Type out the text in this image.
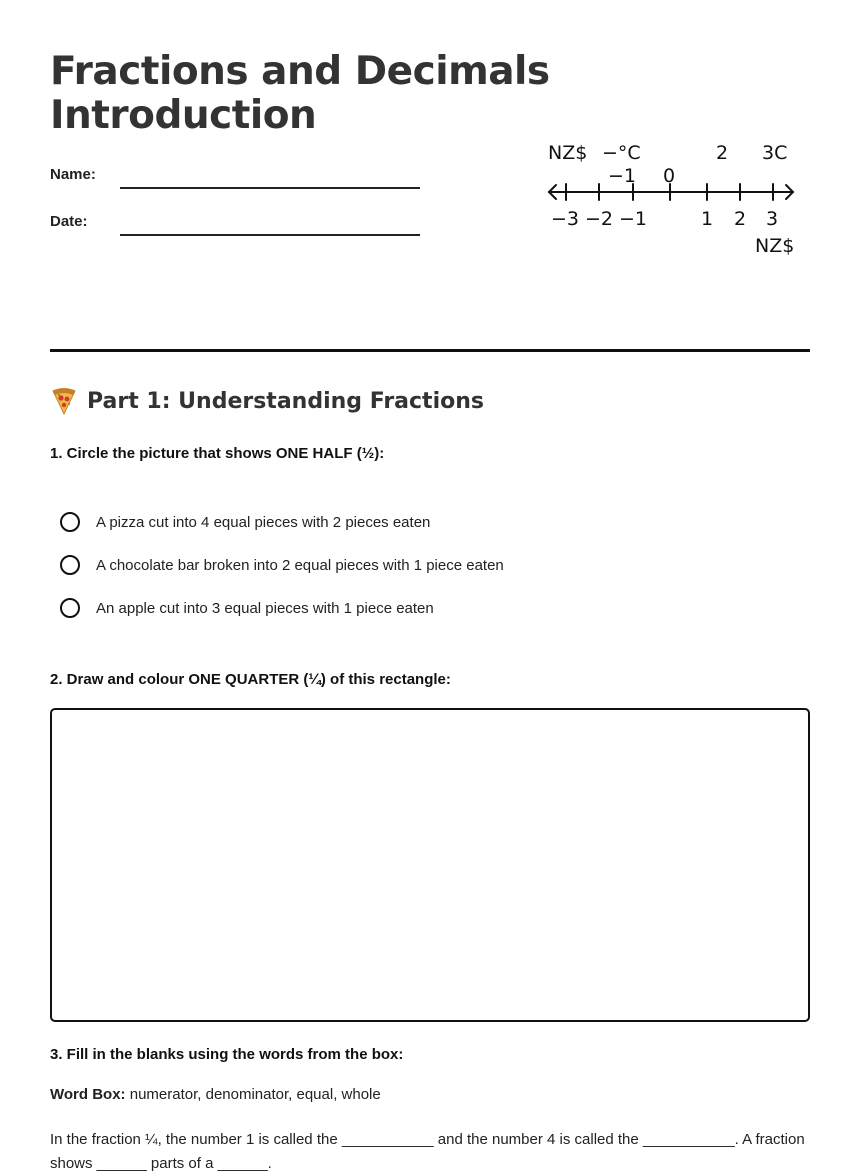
Fractions and Decimals
Introduction
Name:
Date:
NZ$ −°C
−1 0
2 3C
−3 −2 −1	1 2 3
NZ$
Part 1: Understanding Fractions

1. Circle the picture that shows ONE HALF (½):

A pizza cut into 4 equal pieces with 2 pieces eaten
A chocolate bar broken into 2 equal pieces with 1 piece eaten
An apple cut into 3 equal pieces with 1 piece eaten

2. Draw and colour ONE QUARTER (¼) of this rectangle:

3. Fill in the blanks using the words from the box:

Word Box: numerator, denominator, equal, whole

In the fraction ¼, the number 1 is called the ___________ and the number 4 is called the ___________. A fraction shows ______ parts of a ______.
